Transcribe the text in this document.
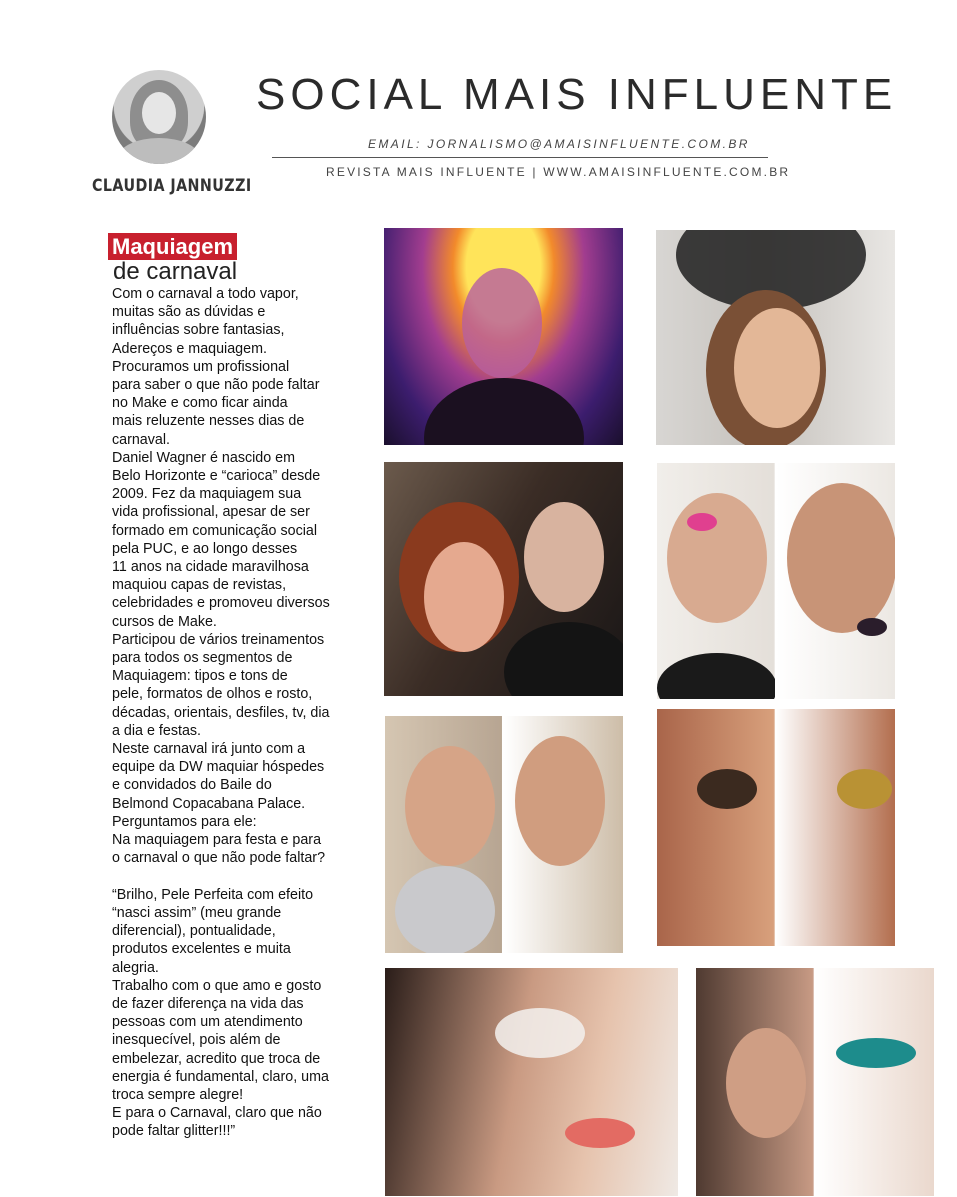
CLAUDIA JANNUZZI
SOCIAL MAIS INFLUENTE
EMAIL: JORNALISMO@AMAISINFLUENTE.COM.BR
REVISTA MAIS INFLUENTE | WWW.AMAISINFLUENTE.COM.BR
Maquiagem
de carnaval

Com o carnaval a todo vapor,
muitas são as dúvidas e
influências sobre fantasias,
Adereços e maquiagem.
Procuramos um profissional
para saber o que não pode faltar
no Make e como ficar ainda
mais reluzente nesses dias de
carnaval.
Daniel Wagner é nascido em
Belo Horizonte e “carioca” desde
2009. Fez da maquiagem sua
vida profissional, apesar de ser
formado em comunicação social
pela PUC, e ao longo desses
11 anos na cidade maravilhosa
maquiou capas de revistas,
celebridades e promoveu diversos
cursos de Make.
Participou de vários treinamentos
para todos os segmentos de
Maquiagem: tipos e tons de
pele, formatos de olhos e rosto,
décadas, orientais, desfiles, tv, dia
a dia e festas.
Neste carnaval irá junto com a
equipe da DW maquiar hóspedes
e convidados do Baile do
Belmond Copacabana Palace.
Perguntamos para ele:
Na maquiagem para festa e para
o carnaval o que não pode faltar?

“Brilho, Pele Perfeita com efeito
“nasci assim” (meu grande
diferencial), pontualidade,
produtos excelentes e muita
alegria.
Trabalho com o que amo e gosto
de fazer diferença na vida das
pessoas com um atendimento
inesquecível, pois além de
embelezar, acredito que troca de
energia é fundamental, claro, uma
troca sempre alegre!
E para o Carnaval, claro que não
pode faltar glitter!!!”
